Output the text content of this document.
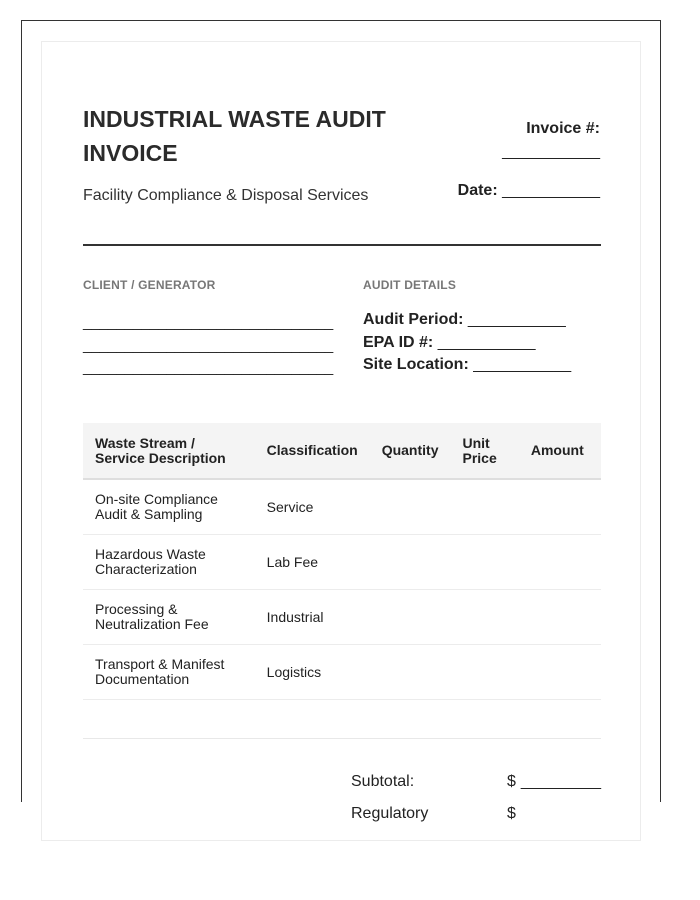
INDUSTRIAL WASTE AUDIT INVOICE
Facility Compliance & Disposal Services
Invoice #:
___________
Date: ___________
CLIENT / GENERATOR	AUDIT DETAILS
______________________________
______________________________
______________________________
Audit Period: ___________
EPA ID #: ___________
Site Location: ___________
Waste Stream / Service Description	Classification	Quantity	Unit Price	Amount
On-site Compliance Audit & Sampling	Service			
Hazardous Waste Characterization	Lab Fee			
Processing & Neutralization Fee	Industrial			
Transport & Manifest Documentation	Logistics			
Subtotal:	$ _________
Regulatory	$
